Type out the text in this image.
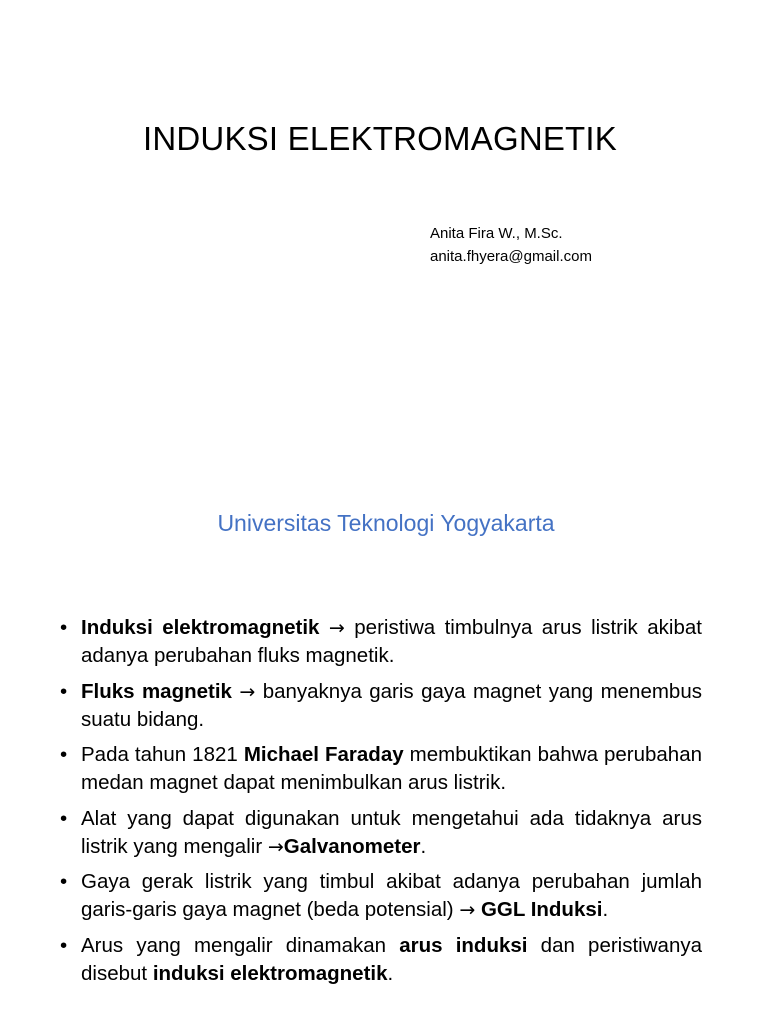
INDUKSI ELEKTROMAGNETIK
Anita Fira W., M.Sc.
anita.fhyera@gmail.com
Universitas Teknologi Yogyakarta
• Induksi elektromagnetik → peristiwa timbulnya arus listrik akibat adanya perubahan fluks magnetik.
• Fluks magnetik → banyaknya garis gaya magnet yang menembus suatu bidang.
• Pada tahun 1821 Michael Faraday membuktikan bahwa perubahan medan magnet dapat menimbulkan arus listrik.
• Alat yang dapat digunakan untuk mengetahui ada tidaknya arus listrik yang mengalir →Galvanometer.
• Gaya gerak listrik yang timbul akibat adanya perubahan jumlah garis-garis gaya magnet (beda potensial) → GGL Induksi.
• Arus yang mengalir dinamakan arus induksi dan peristiwanya disebut induksi elektromagnetik.
